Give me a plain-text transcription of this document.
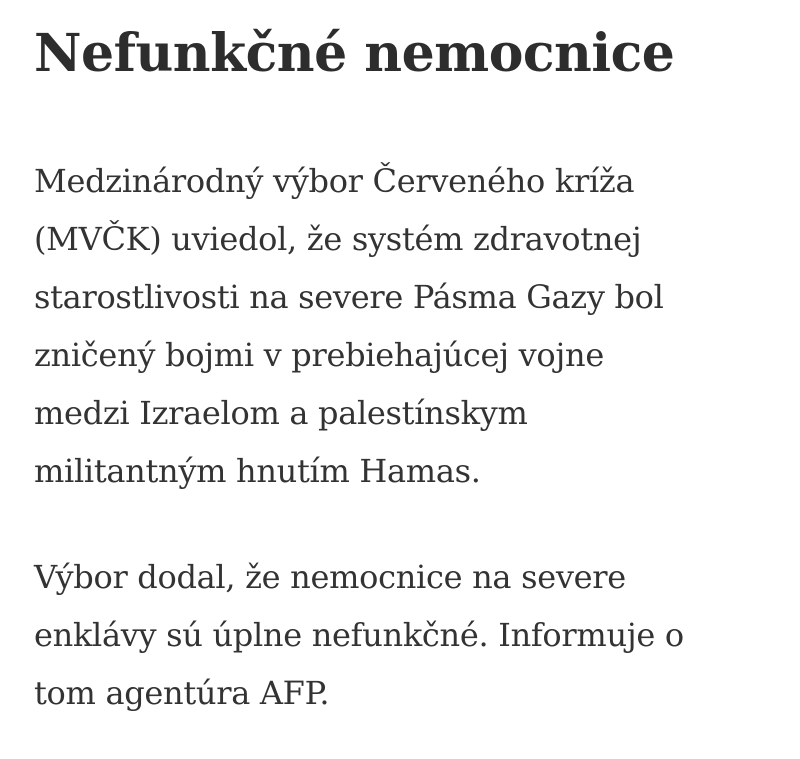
Nefunkčné nemocnice

Medzinárodný výbor Červeného kríža
(MVČK) uviedol, že systém zdravotnej
starostlivosti na severe Pásma Gazy bol
zničený bojmi v prebiehajúcej vojne
medzi Izraelom a palestínskym
militantným hnutím Hamas.

Výbor dodal, že nemocnice na severe
enklávy sú úplne nefunkčné. Informuje o
tom agentúra AFP.
